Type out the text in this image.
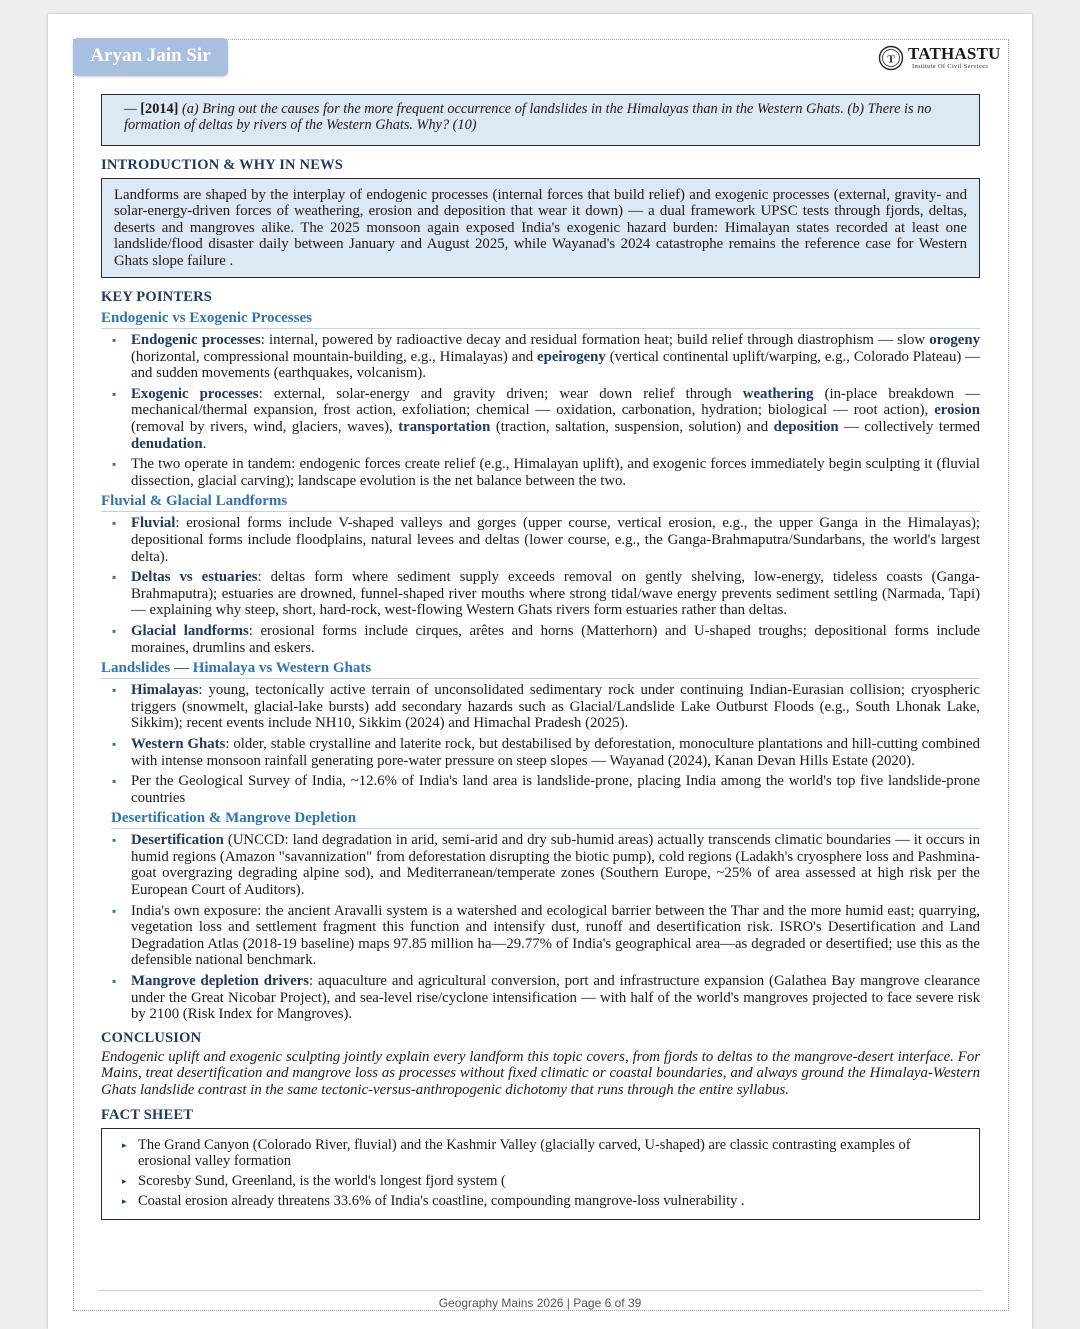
Aryan Jain Sir	T TATHASTU
Institute Of Civil Services
— [2014] (a) Bring out the causes for the more frequent occurrence of landslides in the Himalayas than in the Western Ghats. (b) There is no formation of deltas by rivers of the Western Ghats. Why? (10)
INTRODUCTION & WHY IN NEWS
Landforms are shaped by the interplay of endogenic processes (internal forces that build relief) and exogenic processes (external, gravity- and solar-energy-driven forces of weathering, erosion and deposition that wear it down) — a dual framework UPSC tests through fjords, deltas, deserts and mangroves alike. The 2025 monsoon again exposed India's exogenic hazard burden: Himalayan states recorded at least one landslide/flood disaster daily between January and August 2025, while Wayanad's 2024 catastrophe remains the reference case for Western Ghats slope failure .
KEY POINTERS
Endogenic vs Exogenic Processes
▪ Endogenic processes: internal, powered by radioactive decay and residual formation heat; build relief through diastrophism — slow orogeny (horizontal, compressional mountain-building, e.g., Himalayas) and epeirogeny (vertical continental uplift/warping, e.g., Colorado Plateau) — and sudden movements (earthquakes, volcanism).
▪ Exogenic processes: external, solar-energy and gravity driven; wear down relief through weathering (in-place breakdown — mechanical/thermal expansion, frost action, exfoliation; chemical — oxidation, carbonation, hydration; biological — root action), erosion (removal by rivers, wind, glaciers, waves), transportation (traction, saltation, suspension, solution) and deposition — collectively termed denudation.
▪ The two operate in tandem: endogenic forces create relief (e.g., Himalayan uplift), and exogenic forces immediately begin sculpting it (fluvial dissection, glacial carving); landscape evolution is the net balance between the two.
Fluvial & Glacial Landforms
▪ Fluvial: erosional forms include V-shaped valleys and gorges (upper course, vertical erosion, e.g., the upper Ganga in the Himalayas); depositional forms include floodplains, natural levees and deltas (lower course, e.g., the Ganga-Brahmaputra/Sundarbans, the world's largest delta).
▪ Deltas vs estuaries: deltas form where sediment supply exceeds removal on gently shelving, low-energy, tideless coasts (Ganga-Brahmaputra); estuaries are drowned, funnel-shaped river mouths where strong tidal/wave energy prevents sediment settling (Narmada, Tapi) — explaining why steep, short, hard-rock, west-flowing Western Ghats rivers form estuaries rather than deltas.
▪ Glacial landforms: erosional forms include cirques, arêtes and horns (Matterhorn) and U-shaped troughs; depositional forms include moraines, drumlins and eskers.
Landslides — Himalaya vs Western Ghats
▪ Himalayas: young, tectonically active terrain of unconsolidated sedimentary rock under continuing Indian-Eurasian collision; cryospheric triggers (snowmelt, glacial-lake bursts) add secondary hazards such as Glacial/Landslide Lake Outburst Floods (e.g., South Lhonak Lake, Sikkim); recent events include NH10, Sikkim (2024) and Himachal Pradesh (2025).
▪ Western Ghats: older, stable crystalline and laterite rock, but destabilised by deforestation, monoculture plantations and hill-cutting combined with intense monsoon rainfall generating pore-water pressure on steep slopes — Wayanad (2024), Kanan Devan Hills Estate (2020).
▪ Per the Geological Survey of India, ~12.6% of India's land area is landslide-prone, placing India among the world's top five landslide-prone countries
Desertification & Mangrove Depletion
▪ Desertification (UNCCD: land degradation in arid, semi-arid and dry sub-humid areas) actually transcends climatic boundaries — it occurs in humid regions (Amazon "savannization" from deforestation disrupting the biotic pump), cold regions (Ladakh's cryosphere loss and Pashmina-goat overgrazing degrading alpine sod), and Mediterranean/temperate zones (Southern Europe, ~25% of area assessed at high risk per the European Court of Auditors).
▪ India's own exposure: the ancient Aravalli system is a watershed and ecological barrier between the Thar and the more humid east; quarrying, vegetation loss and settlement fragment this function and intensify dust, runoff and desertification risk. ISRO's Desertification and Land Degradation Atlas (2018-19 baseline) maps 97.85 million ha—29.77% of India's geographical area—as degraded or desertified; use this as the defensible national benchmark.
▪ Mangrove depletion drivers: aquaculture and agricultural conversion, port and infrastructure expansion (Galathea Bay mangrove clearance under the Great Nicobar Project), and sea-level rise/cyclone intensification — with half of the world's mangroves projected to face severe risk by 2100 (Risk Index for Mangroves).
CONCLUSION

Endogenic uplift and exogenic sculpting jointly explain every landform this topic covers, from fjords to deltas to the mangrove-desert interface. For Mains, treat desertification and mangrove loss as processes without fixed climatic or coastal boundaries, and always ground the Himalaya-Western Ghats landslide contrast in the same tectonic-versus-anthropogenic dichotomy that runs through the entire syllabus.

FACT SHEET
▸ The Grand Canyon (Colorado River, fluvial) and the Kashmir Valley (glacially carved, U-shaped) are classic contrasting examples of erosional valley formation
▸ Scoresby Sund, Greenland, is the world's longest fjord system (
▸ Coastal erosion already threatens 33.6% of India's coastline, compounding mangrove-loss vulnerability .
Geography Mains 2026 | Page 6 of 39
